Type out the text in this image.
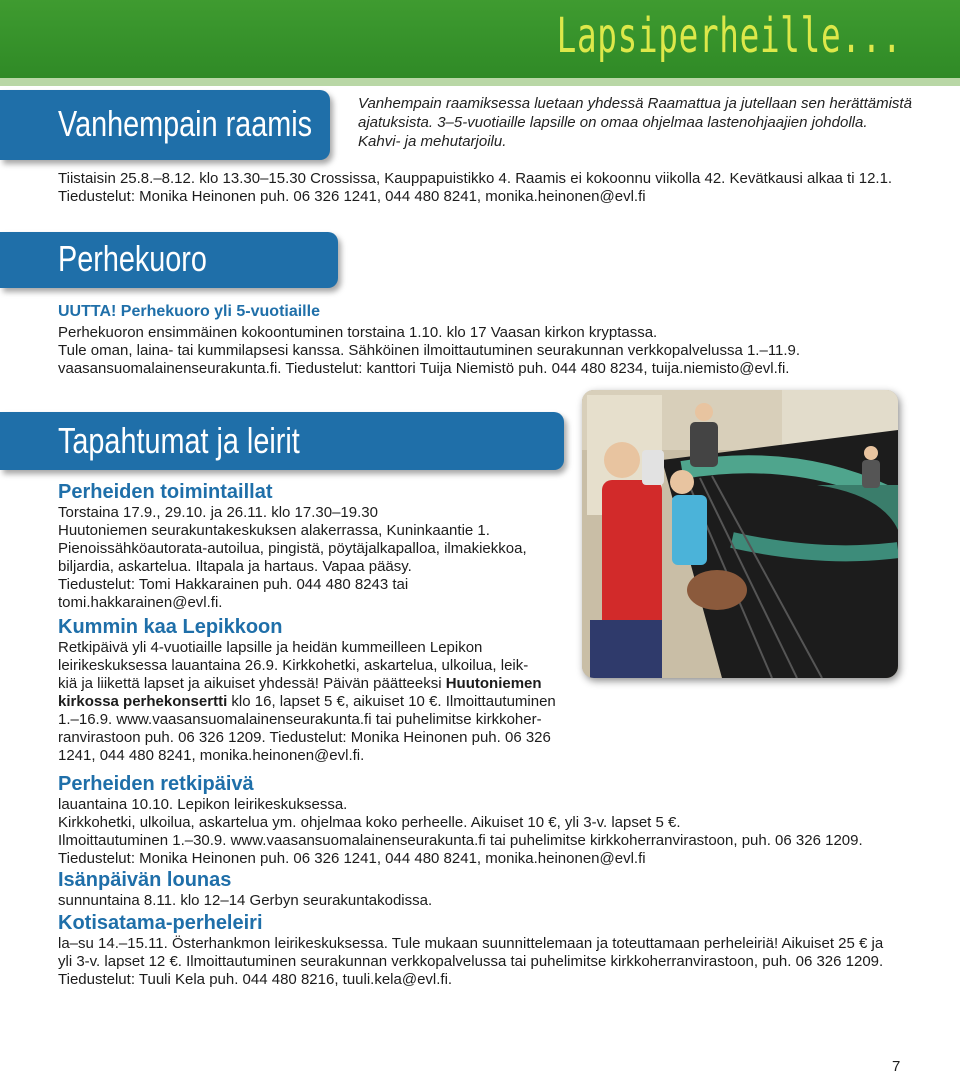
Lapsiperheille...
Vanhempain raamis	Vanhempain raamiksessa luetaan yhdessä Raamattua ja jutellaan sen herättämistä
ajatuksista. 3–5-vuotiaille lapsille on omaa ohjelmaa lastenohjaajien johdolla.
Kahvi- ja mehutarjoilu.

Tiistaisin 25.8.–8.12. klo 13.30–15.30 Crossissa, Kauppapuistikko 4. Raamis ei kokoonnu viikolla 42. Kevätkausi alkaa ti 12.1.

Tiedustelut: Monika Heinonen puh. 06 326 1241, 044 480 8241, monika.heinonen@evl.fi

Perhekuoro

UUTTA! Perhekuoro yli 5-vuotiaille

Perhekuoron ensimmäinen kokoontuminen torstaina 1.10. klo 17 Vaasan kirkon kryptassa.

Tule oman, laina- tai kummilapsesi kanssa. Sähköinen ilmoittautuminen seurakunnan verkkopalvelussa 1.–11.9.

vaasansuomalainenseurakunta.fi. Tiedustelut: kanttori Tuija Niemistö puh. 044 480 8234, tuija.niemisto@evl.fi.

Tapahtumat ja leirit

Perheiden toimintaillat

Torstaina 17.9., 29.10. ja 26.11. klo 17.30–19.30

Huutoniemen seurakuntakeskuksen alakerrassa, Kuninkaantie 1.

Pienoissähköautorata-autoilua, pingistä, pöytäjalkapalloa, ilmakiekkoa,

biljardia, askartelua. Iltapala ja hartaus. Vapaa pääsy.

Tiedustelut: Tomi Hakkarainen puh. 044 480 8243 tai

tomi.hakkarainen@evl.fi.

Kummin kaa Lepikkoon

Retkipäivä yli 4-vuotiaille lapsille ja heidän kummeilleen Lepikon

leirikeskuksessa lauantaina 26.9. Kirkkohetki, askartelua, ulkoilua, leik-

kiä ja liikettä lapset ja aikuiset yhdessä! Päivän päätteeksi Huutoniemen

kirkossa perhekonsertti klo 16, lapset 5 €, aikuiset 10 €. Ilmoittautuminen

1.–16.9. www.vaasansuomalainenseurakunta.fi tai puhelimitse kirkkoher-

ranvirastoon puh. 06 326 1209. Tiedustelut: Monika Heinonen puh. 06 326

1241, 044 480 8241, monika.heinonen@evl.fi.

Perheiden retkipäivä

lauantaina 10.10. Lepikon leirikeskuksessa.

Kirkkohetki, ulkoilua, askartelua ym. ohjelmaa koko perheelle. Aikuiset 10 €, yli 3-v. lapset 5 €.

Ilmoittautuminen 1.–30.9. www.vaasansuomalainenseurakunta.fi tai puhelimitse kirkkoherranvirastoon, puh. 06 326 1209.

Tiedustelut: Monika Heinonen puh. 06 326 1241, 044 480 8241, monika.heinonen@evl.fi

Isänpäivän lounas

sunnuntaina 8.11. klo 12–14 Gerbyn seurakuntakodissa.

Kotisatama-perheleiri

la–su 14.–15.11. Österhankmon leirikeskuksessa. Tule mukaan suunnittelemaan ja toteuttamaan perheleiriä! Aikuiset 25 € ja

yli 3-v. lapset 12 €. Ilmoittautuminen seurakunnan verkkopalvelussa tai puhelimitse kirkkoherranvirastoon, puh. 06 326 1209.

Tiedustelut: Tuuli Kela puh. 044 480 8216, tuuli.kela@evl.fi.

7
